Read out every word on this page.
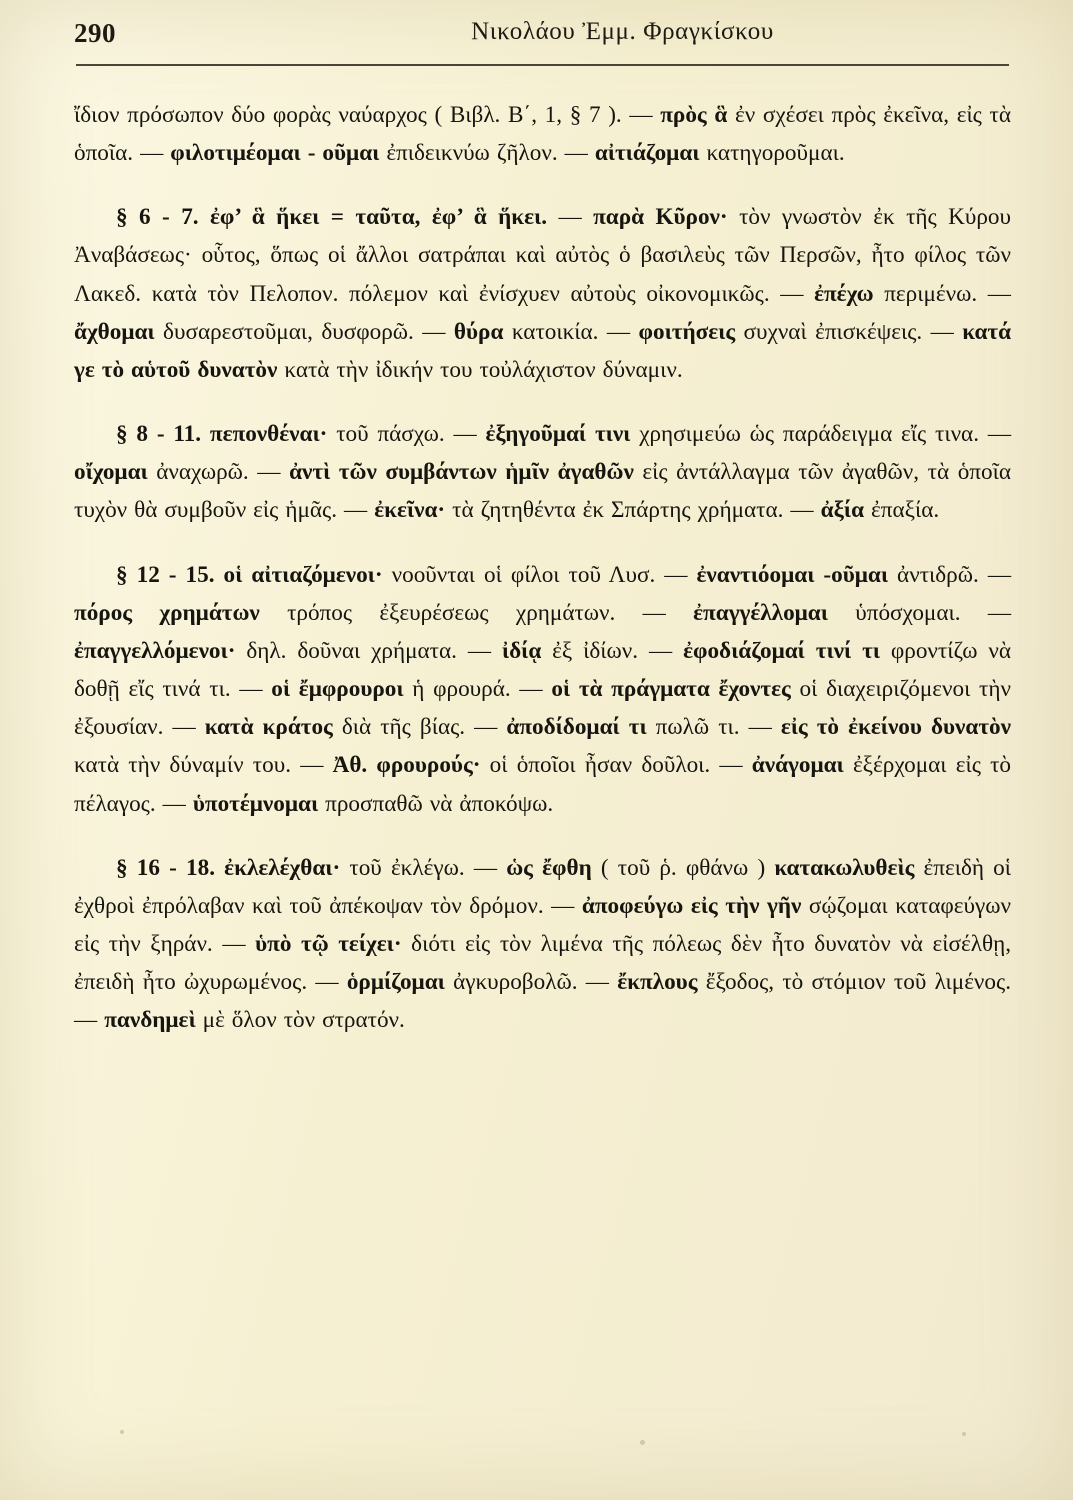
290	Νικολάου Ἐμμ. Φραγκίσκου
ἴδιον πρόσωπον δύο φορὰς ναύαρχος ( Βιβλ. Β΄, 1, § 7 ). — πρὸς ἃ ἐν σχέσει πρὸς ἐκεῖνα, εἰς τὰ ὁποῖα. — φιλοτιμέομαι - οῦμαι ἐπιδεικνύω ζῆλον. — αἰτιάζομαι κατηγοροῦμαι.
§ 6 - 7. ἐφ’ ἃ ἥκει = ταῦτα, ἐφ’ ἃ ἥκει. — παρὰ Κῦρον· τὸν γνωστὸν ἐκ τῆς Κύρου Ἀναβάσεως· οὗτος, ὅπως οἱ ἄλλοι σατράπαι καὶ αὐτὸς ὁ βασιλεὺς τῶν Περσῶν, ἦτο φίλος τῶν Λακεδ. κατὰ τὸν Πελοπον. πόλεμον καὶ ἐνίσχυεν αὐτοὺς οἰκονομικῶς. — ἐπέχω περιμένω. — ἄχθομαι δυσαρεστοῦμαι, δυσφορῶ. — θύρα κατοικία. — φοιτήσεις συχναὶ ἐπισκέψεις. — κατά γε τὸ αὑτοῦ δυνατὸν κατὰ τὴν ἰδικήν του τοὐλάχιστον δύναμιν.
§ 8 - 11. πεπονθέναι· τοῦ πάσχω. — ἐξηγοῦμαί τινι χρησιμεύω ὡς παράδειγμα εἴς τινα. — οἴχομαι ἀναχωρῶ. — ἀντὶ τῶν συμβάντων ἡμῖν ἀγαθῶν εἰς ἀντάλλαγμα τῶν ἀγαθῶν, τὰ ὁποῖα τυχὸν θὰ συμβοῦν εἰς ἡμᾶς. — ἐκεῖνα· τὰ ζητηθέντα ἐκ Σπάρτης χρήματα. — ἀξία ἐπαξία.
§ 12 - 15. οἱ αἰτιαζόμενοι· νοοῦνται οἱ φίλοι τοῦ Λυσ. — ἐναντιόομαι -οῦμαι ἀντιδρῶ. — πόρος χρημάτων τρόπος ἐξευρέσεως χρημάτων. — ἐπαγγέλλομαι ὑπόσχομαι. — ἐπαγγελλόμενοι· δηλ. δοῦναι χρήματα. — ἰδίᾳ ἐξ ἰδίων. — ἐφοδιάζομαί τινί τι φροντίζω νὰ δοθῇ εἴς τινά τι. — οἱ ἔμφρουροι ἡ φρουρά. — οἱ τὰ πράγματα ἔχοντες οἱ διαχειριζόμενοι τὴν ἐξουσίαν. — κατὰ κράτος διὰ τῆς βίας. — ἀποδίδομαί τι πωλῶ τι. — εἰς τὸ ἐκείνου δυνατὸν κατὰ τὴν δύναμίν του. — Ἀθ. φρουρούς· οἱ ὁποῖοι ἦσαν δοῦλοι. — ἀνάγομαι ἐξέρχομαι εἰς τὸ πέλαγος. — ὑποτέμνομαι προσπαθῶ νὰ ἀποκόψω.
§ 16 - 18. ἐκλελέχθαι· τοῦ ἐκλέγω. — ὡς ἔφθη ( τοῦ ῥ. φθάνω ) κατακωλυθεὶς ἐπειδὴ οἱ ἐχθροὶ ἐπρόλαβαν καὶ τοῦ ἀπέκοψαν τὸν δρόμον. — ἀποφεύγω εἰς τὴν γῆν σῴζομαι καταφεύγων εἰς τὴν ξηράν. — ὑπὸ τῷ τείχει· διότι εἰς τὸν λιμένα τῆς πόλεως δὲν ἦτο δυνατὸν νὰ εἰσέλθῃ, ἐπειδὴ ἦτο ὠχυρωμένος. — ὁρμίζομαι ἀγκυροβολῶ. — ἔκπλους ἔξοδος, τὸ στόμιον τοῦ λιμένος. — πανδημεὶ μὲ ὅλον τὸν στρατόν.
